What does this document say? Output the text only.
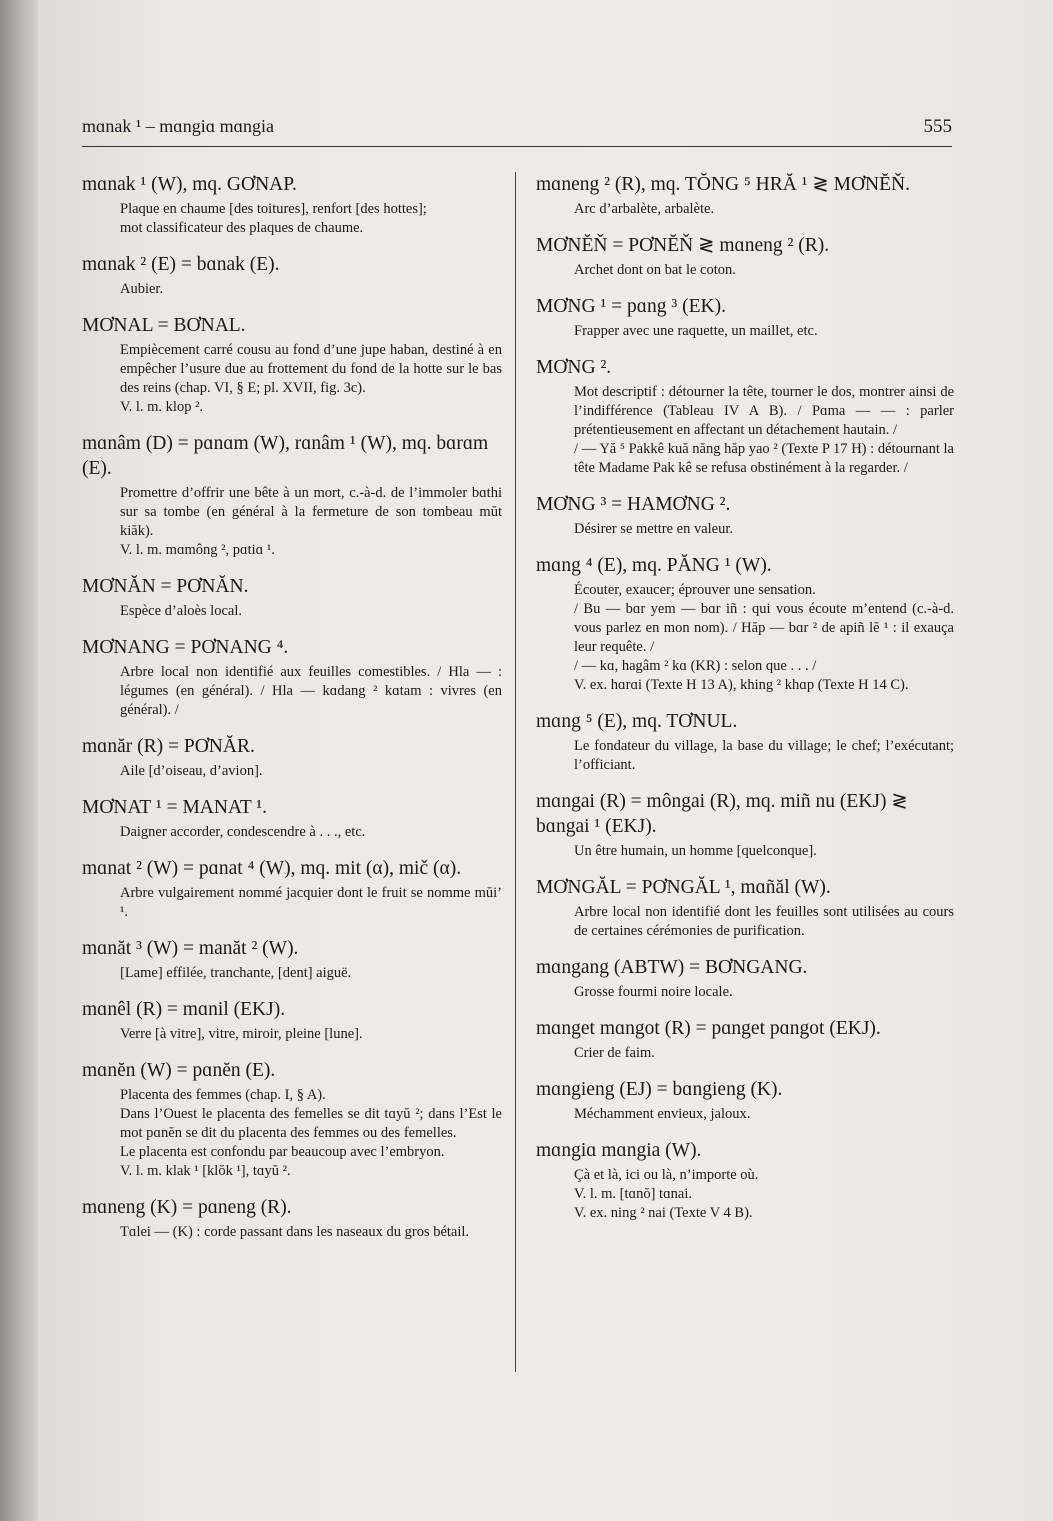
mɑnak ¹ – mɑngiɑ mɑngia	555
mɑnak ¹ (W), mq. GƠNAP.

Plaque en chaume [des toitures], renfort [des hottes];

mot classificateur des plaques de chaume.

mɑnak ² (E) = bɑnak (E).

Aubier.

MƠNAL = BƠNAL.

Empiècement carré cousu au fond d’une jupe haban, destiné à en empêcher l’usure due au frottement du fond de la hotte sur le bas des reins (chap. VI, § E; pl. XVII, fig. 3c).

V. l. m. klop ².

mɑnâm (D) = pɑnɑm (W), rɑnâm ¹ (W), mq. bɑrɑm (E).

Promettre d’offrir une bête à un mort, c.-à-d. de l’immoler bɑthi sur sa tombe (en général à la fermeture de son tombeau mŭt kiăk).

V. l. m. mɑmông ², pɑtiɑ ¹.

MƠNĂN = PƠNĂN.

Espèce d’aloès local.

MƠNANG = PƠNANG ⁴.

Arbre local non identifié aux feuilles comestibles. / Hla — : légumes (en général). / Hla — kɑdang ² kɑtam : vivres (en général). /

mɑnăr (R) = PƠNĂR.

Aile [d’oiseau, d’avion].

MƠNAT ¹ = MANAT ¹.

Daigner accorder, condescendre à . . ., etc.

mɑnat ² (W) = pɑnat ⁴ (W), mq. mit (α), mič (α).

Arbre vulgairement nommé jacquier dont le fruit se nomme mŭi’ ¹.

mɑnăt ³ (W) = manăt ² (W).

[Lame] effilée, tranchante, [dent] aiguë.

mɑnêl (R) = mɑnil (EKJ).

Verre [à vitre], vitre, miroir, pleine [lune].

mɑnĕn (W) = pɑnĕn (E).

Placenta des femmes (chap. I, § A).

Dans l’Ouest le placenta des femelles se dit tɑyŭ ²; dans l’Est le mot pɑnĕn se dit du placenta des femmes ou des femelles.

Le placenta est confondu par beaucoup avec l’embryon.

V. l. m. klak ¹ [klŏk ¹], tɑyŭ ².

mɑneng (K) = pɑneng (R).

Tɑlei — (K) : corde passant dans les naseaux du gros bétail.

mɑneng ² (R), mq. TŎNG ⁵ HRĂ ¹ ≷ MƠNĔŇ.

Arc d’arbalète, arbalète.

MƠNĔŇ = PƠNĔŇ ≷ mɑneng ² (R).

Archet dont on bat le coton.

MƠNG ¹ = pɑng ³ (EK).

Frapper avec une raquette, un maillet, etc.

MƠNG ².

Mot descriptif : détourner la tête, tourner le dos, montrer ainsi de l’indifférence (Tableau IV A B). / Pɑma — — : parler prétentieusement en affectant un détachement hautain. /

/ — Yă ⁵ Pakkê kuă năng hăp yao ² (Texte P 17 H) : détournant la tête Madame Pak kê se refusa obstinément à la regarder. /

MƠNG ³ = HAMƠNG ².

Désirer se mettre en valeur.

mɑng ⁴ (E), mq. PĂNG ¹ (W).

Écouter, exaucer; éprouver une sensation.

/ Bu — bɑr yem — bɑr iñ : qui vous écoute m’entend (c.-à-d. vous parlez en mon nom). / Hăp — bɑr ² de apiñ lĕ ¹ : il exauça leur requête. /

/ — kɑ, hagâm ² kɑ (KR) : selon que . . . /

V. ex. hɑrɑi (Texte H 13 A), khing ² khɑp (Texte H 14 C).

mɑng ⁵ (E), mq. TƠNUL.

Le fondateur du village, la base du village; le chef; l’exécutant; l’officiant.

mɑngai (R) = môngai (R), mq. miñ nu (EKJ) ≷ bɑngai ¹ (EKJ).

Un être humain, un homme [quelconque].

MƠNGĂL = PƠNGĂL ¹, mɑñăl (W).

Arbre local non identifié dont les feuilles sont utilisées au cours de certaines cérémonies de purification.

mɑngang (ABTW) = BƠNGANG.

Grosse fourmi noire locale.

mɑnget mɑngot (R) = pɑnget pɑngot (EKJ).

Crier de faim.

mɑngieng (EJ) = bɑngieng (K).

Méchamment envieux, jaloux.

mɑngiɑ mɑngia (W).

Çà et là, ici ou là, n’importe où.

V. l. m. [tɑnŏ] tɑnai.

V. ex. ning ² nai (Texte V 4 B).
